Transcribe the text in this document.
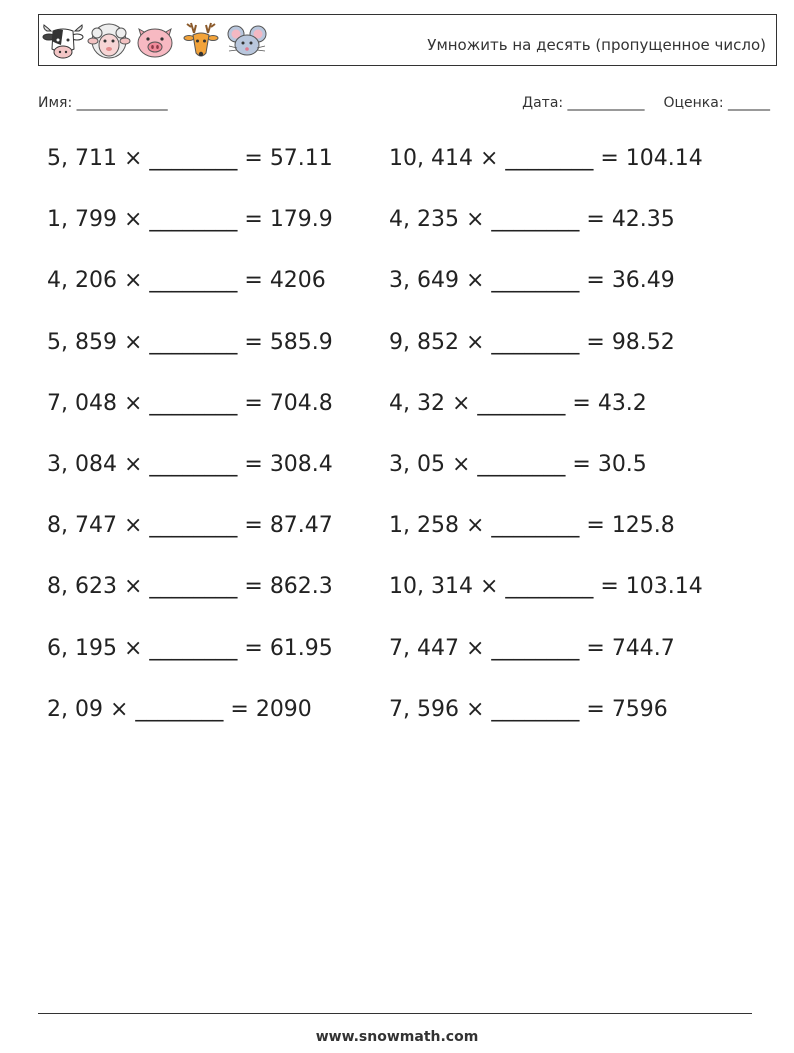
Умножить на десять (пропущенное число)
Имя: _____________	Дата: ___________ Оценка: ______
5, 711 × ________ = 57.11	10, 414 × ________ = 104.14
1, 799 × ________ = 179.9	4, 235 × ________ = 42.35
4, 206 × ________ = 4206	3, 649 × ________ = 36.49
5, 859 × ________ = 585.9	9, 852 × ________ = 98.52
7, 048 × ________ = 704.8	4, 32 × ________ = 43.2
3, 084 × ________ = 308.4	3, 05 × ________ = 30.5
8, 747 × ________ = 87.47	1, 258 × ________ = 125.8
8, 623 × ________ = 862.3	10, 314 × ________ = 103.14
6, 195 × ________ = 61.95	7, 447 × ________ = 744.7
2, 09 × ________ = 2090	7, 596 × ________ = 7596
www.snowmath.com
